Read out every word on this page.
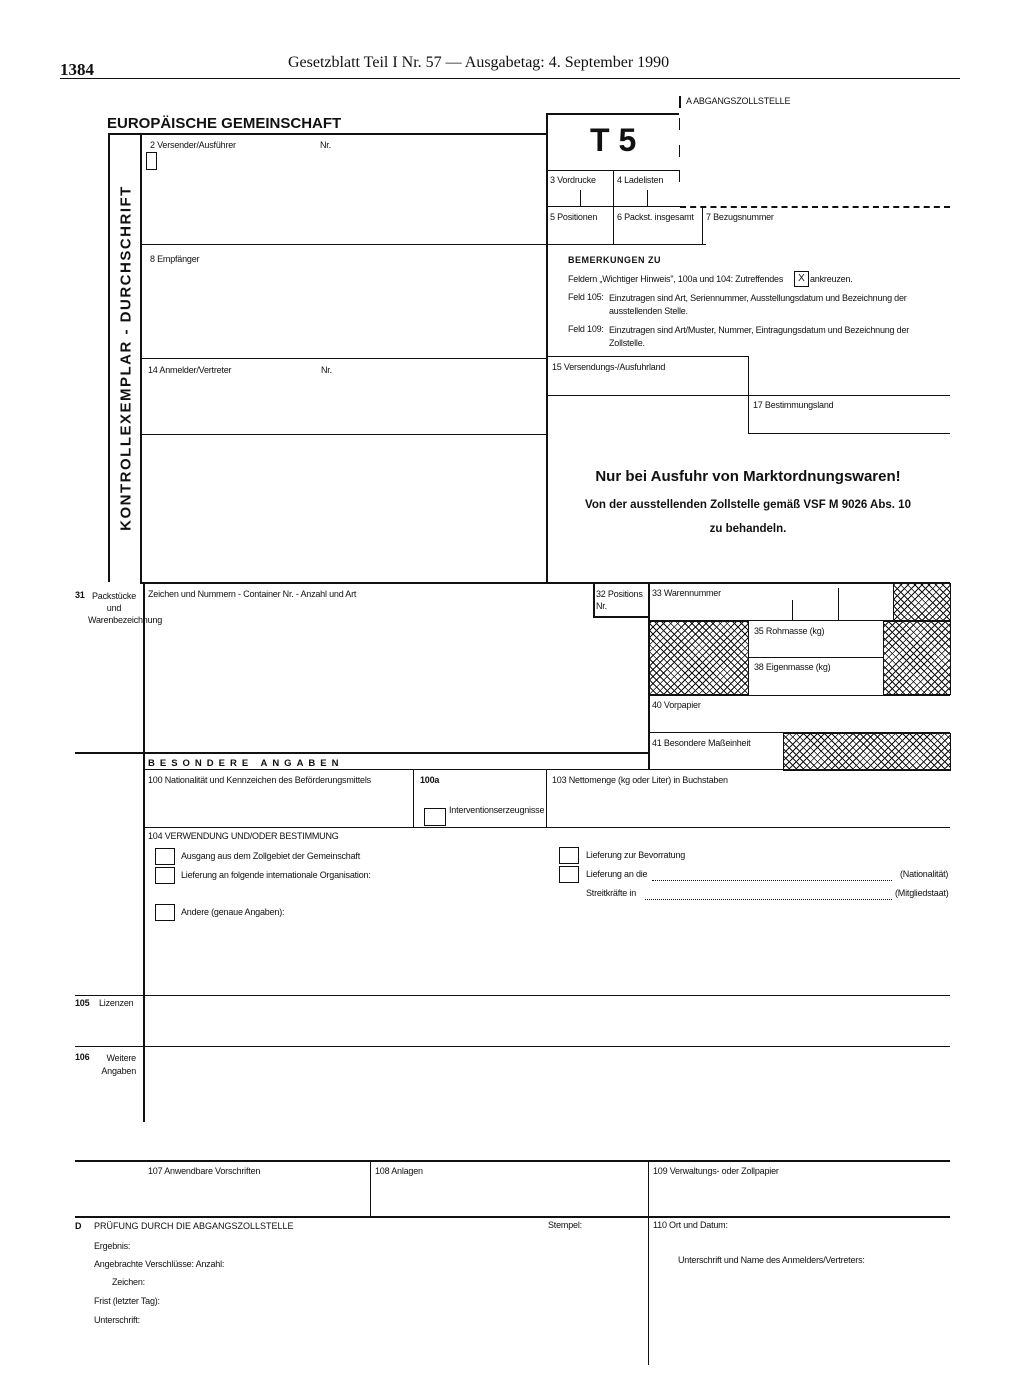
1384	Gesetzblatt Teil I Nr. 57 — Ausgabetag: 4. September 1990
EUROPÄISCHE GEMEINSCHAFT
A ABGANGSZOLLSTELLE
KONTROLLEXEMPLAR - DURCHSCHRIFT
T 5
2 Versender/Ausführer	Nr.
3 Vordrucke 4 Ladelisten
5 Positionen 6 Packst. insgesamt 7 Bezugsnummer
8 Empfänger	BEMERKUNGEN ZU
Feldern „Wichtiger Hinweis", 100a und 104: Zutreffendes	X ankreuzen.
Feld 105: Einzutragen sind Art, Seriennummer, Ausstellungsdatum und Bezeichnung der ausstellenden Stelle.
Feld 109: Einzutragen sind Art/Muster, Nummer, Eintragungsdatum und Bezeichnung der Zollstelle.
14 Anmelder/Vertreter	Nr.	15 Versendungs-/Ausfuhrland
17 Bestimmungsland
Nur bei Ausfuhr von Marktordnungswaren!
Von der ausstellenden Zollstelle gemäß VSF M 9026 Abs. 10
zu behandeln.
31 Packstücke und Warenbezeichnung
Zeichen und Nummern - Container Nr. - Anzahl und Art	32 Positions Nr.
33 Warennummer
35 Rohmasse (kg)
38 Eigenmasse (kg)
40 Vorpapier
41 Besondere Maßeinheit
BESONDERE ANGABEN
100 Nationalität und Kennzeichen des Beförderungsmittels	100a
Interventionserzeugnisse
103 Nettomenge (kg oder Liter) in Buchstaben
104 VERWENDUNG UND/ODER BESTIMMUNG
Ausgang aus dem Zollgebiet der Gemeinschaft
Lieferung an folgende internationale Organisation:
Andere (genaue Angaben):
Lieferung zur Bevorratung
Lieferung an die	(Nationalität)
Streitkräfte in	(Mitgliedstaat)
105 Lizenzen
106	Weitere Angaben
107 Anwendbare Vorschriften	108 Anlagen	109 Verwaltungs- oder Zollpapier
D PRÜFUNG DURCH DIE ABGANGSZOLLSTELLE	Stempel:
Ergebnis:
Angebrachte Verschlüsse: Anzahl:
Zeichen:
Frist (letzter Tag):
Unterschrift:
110 Ort und Datum:
Unterschrift und Name des Anmelders/Vertreters:
